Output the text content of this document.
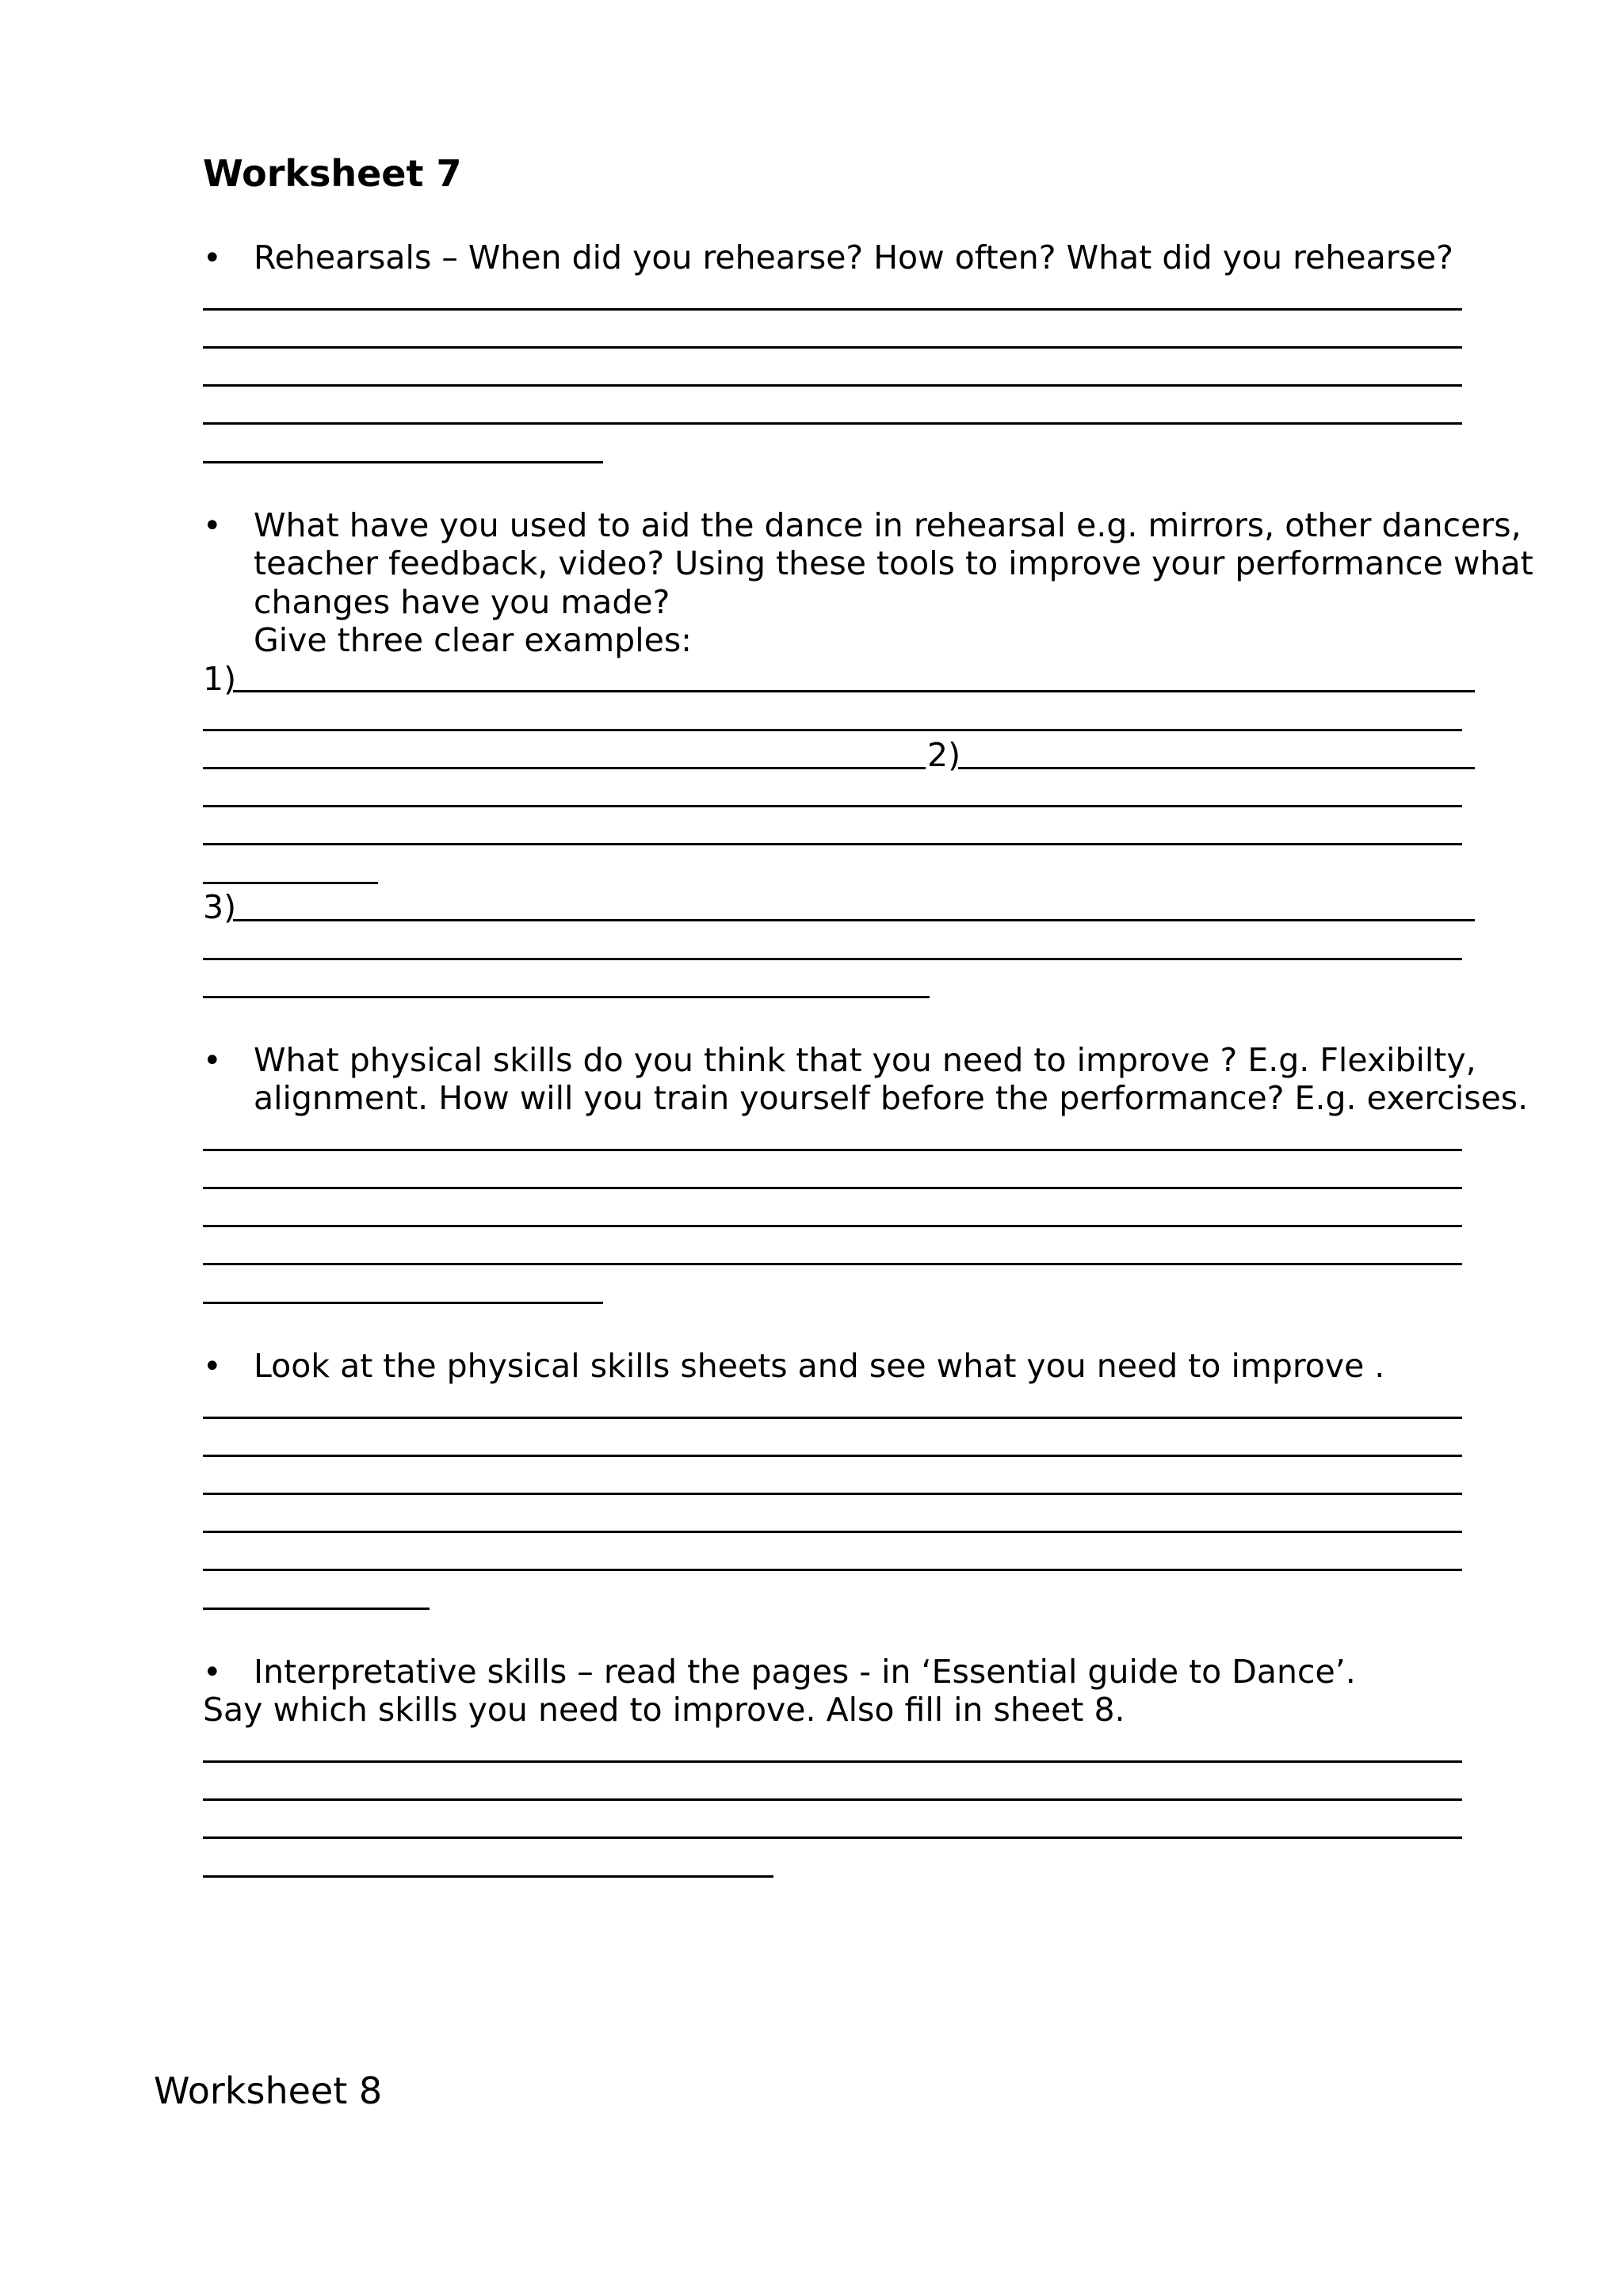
Worksheet 7
• Rehearsals – When did you rehearse? How often? What did you rehearse?
• What have you used to aid the dance in rehearsal e.g. mirrors, other dancers,
teacher feedback, video? Using these tools to improve your performance what
changes have you made?
Give three clear examples:
1)
2)
3)
• What physical skills do you think that you need to improve ? E.g. Flexibilty,
alignment. How will you train yourself before the performance? E.g. exercises.
• Look at the physical skills sheets and see what you need to improve .
• Interpretative skills – read the pages - in ‘Essential guide to Dance’.
Say which skills you need to improve. Also fill in sheet 8.
Worksheet 8
